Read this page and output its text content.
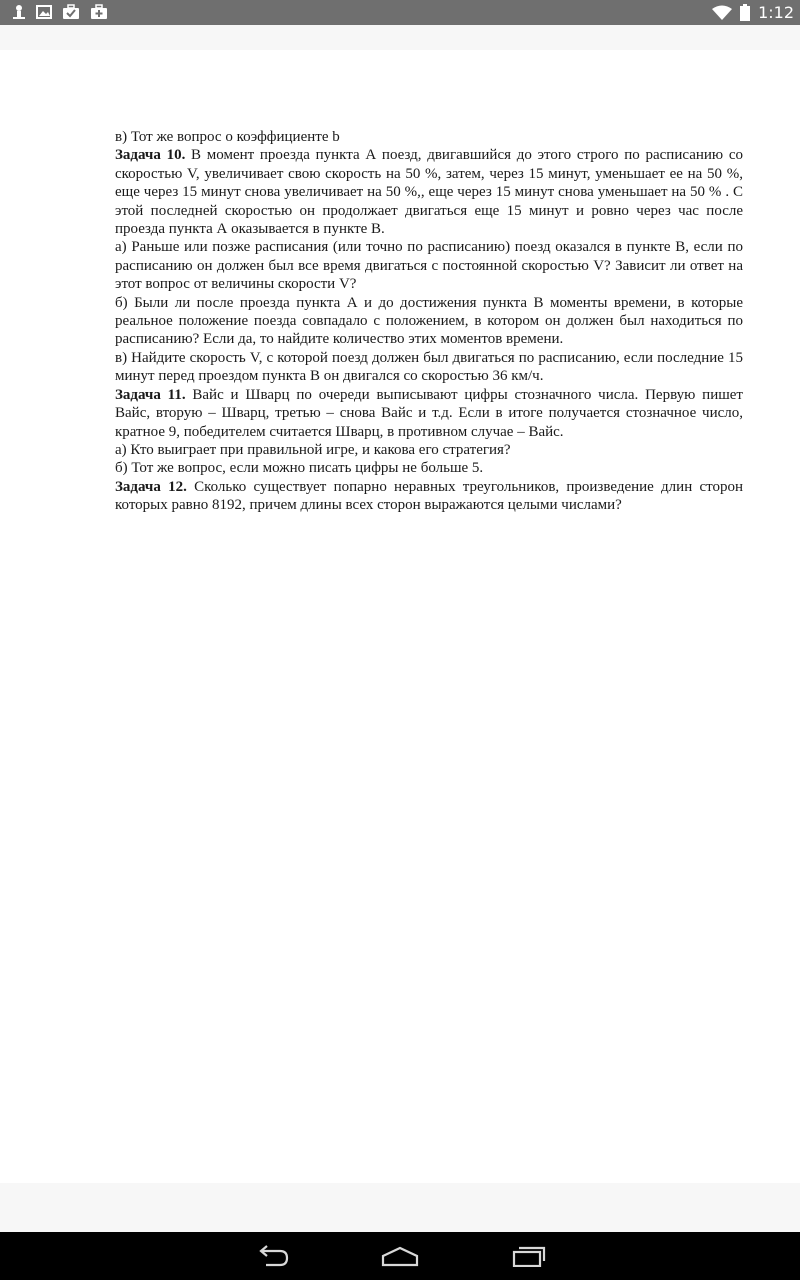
1:12

в) Тот же вопрос о коэффициенте b

Задача 10. В момент проезда пункта А поезд, двигавшийся до этого строго по расписанию со скоростью V, увеличивает свою скорость на 50 %, затем, через 15 минут, уменьшает ее на 50 %, еще через 15 минут снова увеличивает на 50 %,, еще через 15 минут снова уменьшает на 50 % . С этой последней скоростью он продолжает двигаться еще 15 минут и ровно через час после проезда пункта А оказывается в пункте В.

а) Раньше или позже расписания (или точно по расписанию) поезд оказался в пункте В, если по расписанию он должен был все время двигаться с постоянной скоростью V? Зависит ли ответ на этот вопрос от величины скорости V?

б) Были ли после проезда пункта А и до достижения пункта В моменты времени, в которые реальное положение поезда совпадало с положением, в котором он должен был находиться по расписанию? Если да, то найдите количество этих моментов времени.

в) Найдите скорость V, с которой поезд должен был двигаться по расписанию, если последние 15 минут перед проездом пункта В он двигался со скоростью 36 км/ч.

Задача 11. Вайс и Шварц по очереди выписывают цифры стозначного числа. Первую пишет Вайс, вторую – Шварц, третью – снова Вайс и т.д. Если в итоге получается стозначное число, кратное 9, победителем считается Шварц, в противном случае – Вайс.

а) Кто выиграет при правильной игре, и какова его стратегия?

б) Тот же вопрос, если можно писать цифры не больше 5.

Задача 12. Сколько существует попарно неравных треугольников, произведение длин сторон которых равно 8192, причем длины всех сторон выражаются целыми числами?
